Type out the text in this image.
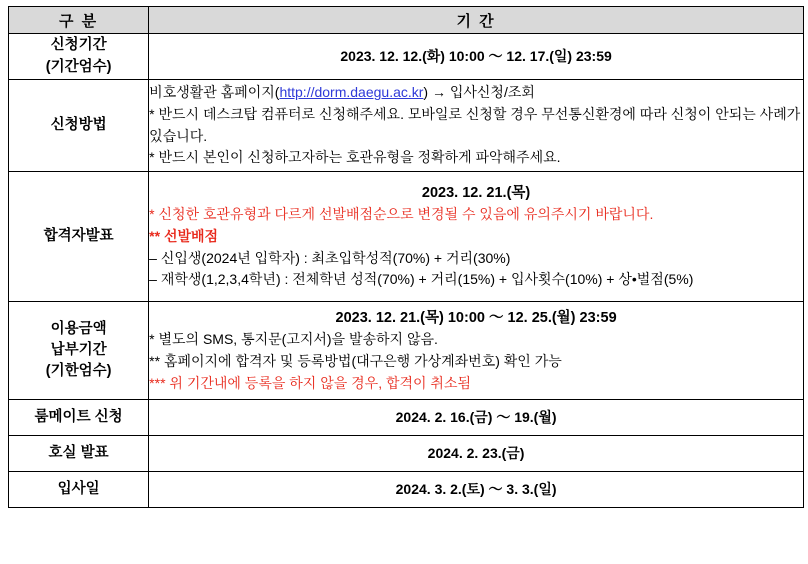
구 분	기 간

신청기간
(기간엄수)	2023. 12. 12.(화) 10:00 ～ 12. 17.(일) 23:59

신청방법	비호생활관 홈페이지(http://dorm.daegu.ac.kr) → 입사신청/조회
* 반드시 데스크탑 컴퓨터로 신청해주세요. 모바일로 신청할 경우 무선통신환경에 따라 신청이 안되는 사례가 있습니다.
* 반드시 본인이 신청하고자하는 호관유형을 정확하게 파악해주세요.

합격자발표	2023. 12. 21.(목)
* 신청한 호관유형과 다르게 선발배점순으로 변경될 수 있음에 유의주시기 바랍니다.
** 선발배점
– 신입생(2024년 입학자) : 최초입학성적(70%) + 거리(30%)
– 재학생(1,2,3,4학년) : 전체학년 성적(70%) + 거리(15%) + 입사횟수(10%) + 상•벌점(5%)

이용금액
납부기간
(기한엄수)	2023. 12. 21.(목) 10:00 ～ 12. 25.(월) 23:59
* 별도의 SMS, 통지문(고지서)을 발송하지 않음.
** 홈페이지에 합격자 및 등록방법(대구은행 가상계좌번호) 확인 가능
*** 위 기간내에 등록을 하지 않을 경우, 합격이 취소됨

룸메이트 신청	2024. 2. 16.(금) ～ 19.(월)

호실 발표	2024. 2. 23.(금)

입사일	2024. 3. 2.(토) ～ 3. 3.(일)
